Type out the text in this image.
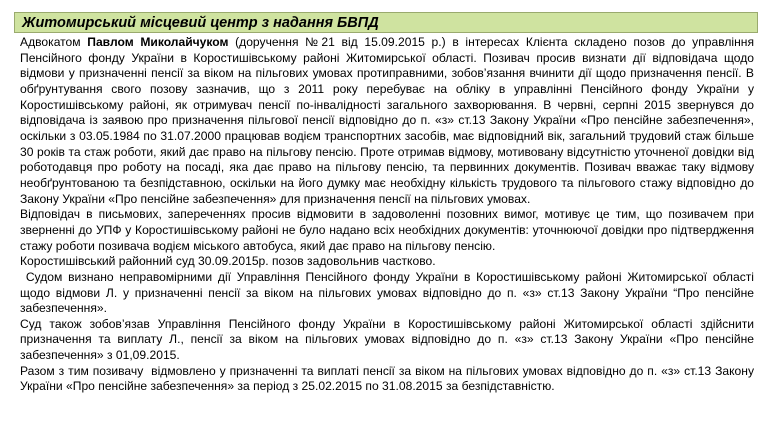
Житомирський місцевий центр з надання БВПД

Адвокатом Павлом Миколайчуком (доручення №21 від 15.09.2015 р.) в інтересах Клієнта складено позов до управління Пенсійного фонду України в Коростишівському районі Житомирської області. Позивач просив визнати дії відповідача щодо відмови у призначенні пенсії за віком на пільгових умовах протиправними, зобов’язання вчинити дії щодо призначення пенсії. В обґрунтування свого позову зазначив, що з 2011 року перебуває на обліку в управлінні Пенсійного фонду України у Коростишівському районі, як отримувач пенсії по-інвалідності загального захворювання. В червні, серпні 2015 звернувся до відповідача із заявою про призначення пільгової пенсії відповідно до п. «з» ст.13 Закону України «Про пенсійне забезпечення», оскільки з 03.05.1984 по 31.07.2000 працював водієм транспортних засобів, має відповідний вік, загальний трудовий стаж більше 30 років та стаж роботи, який дає право на пільгову пенсію. Проте отримав відмову, мотивовану відсутністю уточненої довідки від роботодавця про роботу на посаді, яка дає право на пільгову пенсію, та первинних документів. Позивач вважає таку відмову необґрунтованою та безпідставною, оскільки на його думку має необхідну кількість трудового та пільгового стажу відповідно до Закону України «Про пенсійне забезпечення» для призначення пенсії на пільгових умовах.

Відповідач в письмових, запереченнях просив відмовити в задоволенні позовних вимог, мотивує це тим, що позивачем при зверненні до УПФ у Коростишівському районі не було надано всіх необхідних документів: уточнюючої довідки про підтвердження стажу роботи позивача водієм міського автобуса, який дає право на пільгову пенсію.

Коростишівський районний суд 30.09.2015р. позов задовольнив частково.

Судом визнано неправомірними дії Управління Пенсійного фонду України в Коростишівському районі Житомирської області щодо відмови Л. у призначенні пенсії за віком на пільгових умовах відповідно до п. «з» ст.13 Закону України “Про пенсійне забезпечення».

Суд також зобов’язав Управління Пенсійного фонду України в Коростишівському районі Житомирської області здійснити призначення та виплату Л., пенсії за віком на пільгових умовах відповідно до п. «з» ст.13 Закону України «Про пенсійне забезпечення» з 01,09.2015.

Разом з тим позивачу  відмовлено у призначенні та виплаті пенсії за віком на пільгових умовах відповідно до п. «з» ст.13 Закону України «Про пенсійне забезпечення» за період з 25.02.2015 по 31.08.2015 за безпідставністю.
